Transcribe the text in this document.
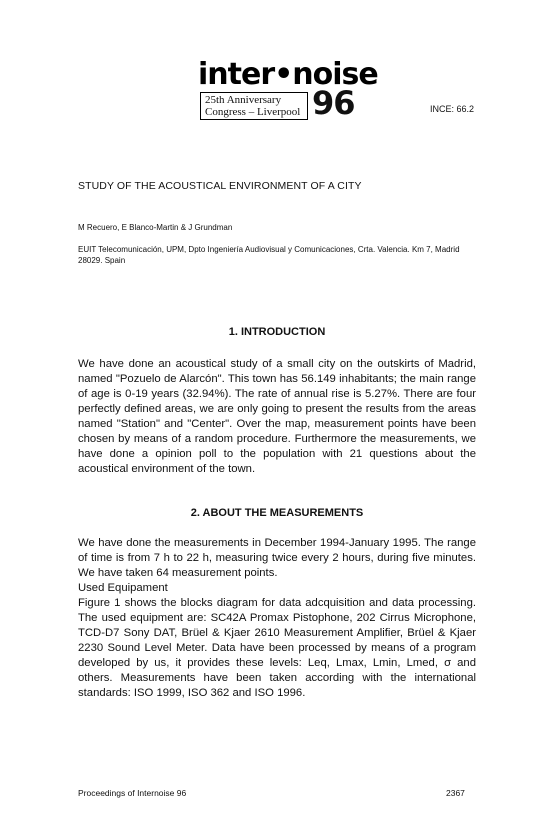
inter•noise
25th Anniversary
Congress – Liverpool 96	INCE: 66.2
STUDY OF THE ACOUSTICAL ENVIRONMENT OF A CITY
M Recuero, E Blanco-Martin & J Grundman
EUIT Telecomunicación, UPM, Dpto Ingeniería Audiovisual y Comunicaciones, Crta. Valencia. Km 7, Madrid 28029. Spain
1. INTRODUCTION

We have done an acoustical study of a small city on the outskirts of Madrid, named "Pozuelo de Alarcón". This town has 56.149 inhabitants; the main range of age is 0-19 years (32.94%). The rate of annual rise is 5.27%. There are four perfectly defined areas, we are only going to present the results from the areas named "Station" and "Center". Over the map, measurement points have been chosen by means of a random procedure. Furthermore the measurements, we have done a opinion poll to the population with 21 questions about the acoustical environment of the town.

2. ABOUT THE MEASUREMENTS
We have done the measurements in December 1994-January 1995. The range of time is from 7 h to 22 h, measuring twice every 2 hours, during five minutes. We have taken 64 measurement points.
Used Equipament
Figure 1 shows the blocks diagram for data adcquisition and data processing. The used equipment are: SC42A Promax Pistophone, 202 Cirrus Microphone, TCD-D7 Sony DAT, Brüel & Kjaer 2610 Measurement Amplifier, Brüel & Kjaer 2230 Sound Level Meter. Data have been processed by means of a program developed by us, it provides these levels: Leq, Lmax, Lmin, Lmed, σ and others. Measurements have been taken according with the international standards: ISO 1999, ISO 362 and ISO 1996.
Proceedings of Internoise 96	2367
